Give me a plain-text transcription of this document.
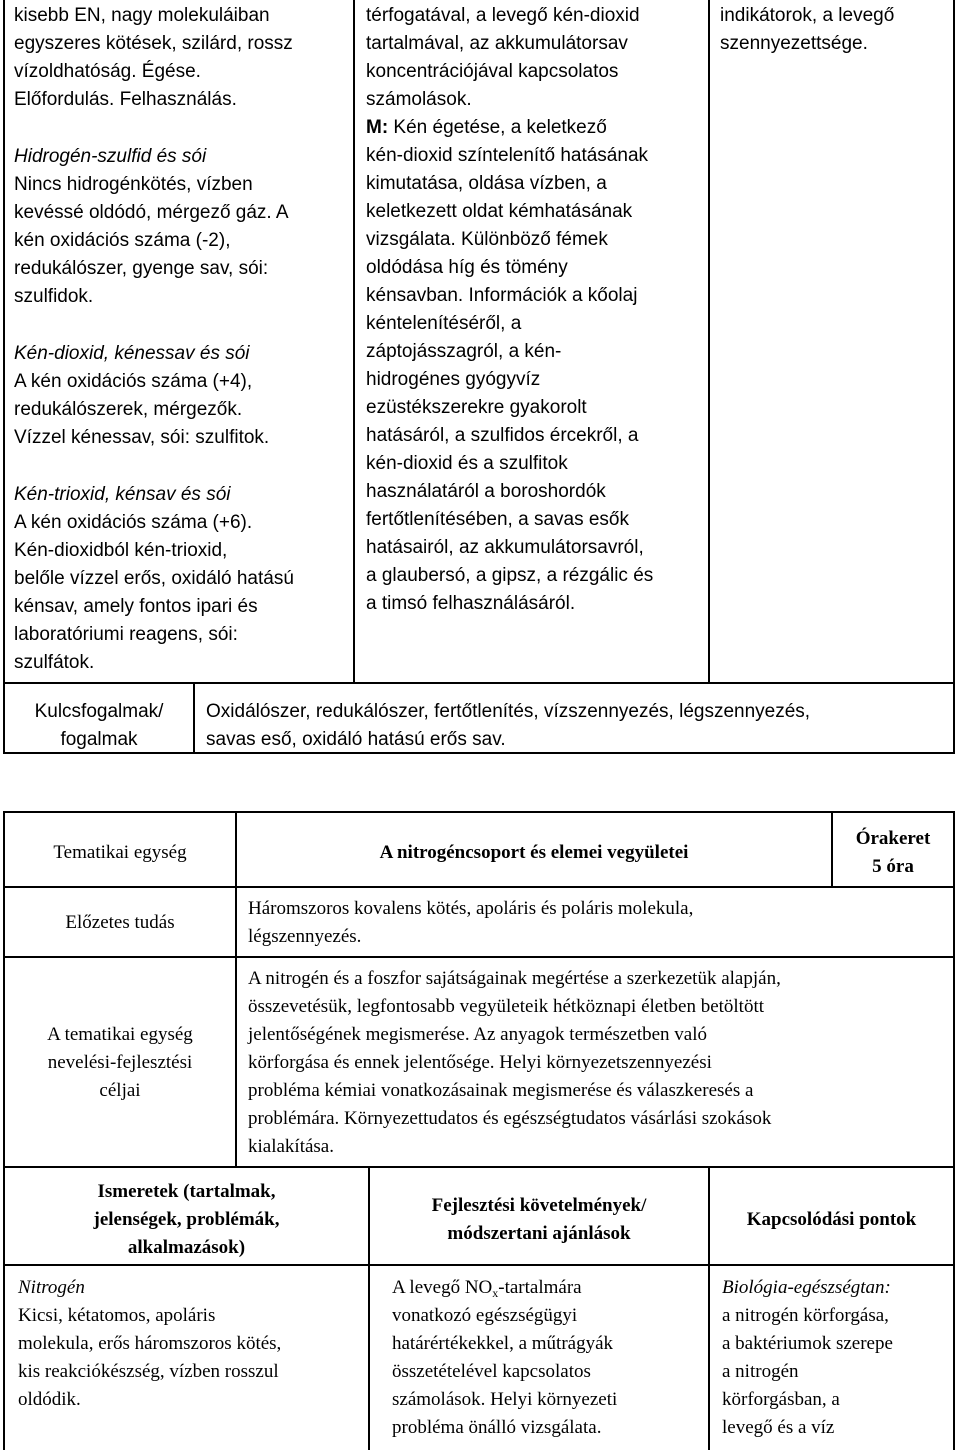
kisebb EN, nagy molekuláiban
egyszeres kötések, szilárd, rossz
vízoldhatóság. Égése.
Előfordulás. Felhasználás.

Hidrogén-szulfid és sói

Nincs hidrogénkötés, vízben
kevéssé oldódó, mérgező gáz. A
kén oxidációs száma (-2),
redukálószer, gyenge sav, sói:
szulfidok.

Kén-dioxid, kénessav és sói

A kén oxidációs száma (+4),
redukálószerek, mérgezők.
Vízzel kénessav, sói: szulfitok.

Kén-trioxid, kénsav és sói

A kén oxidációs száma (+6).
Kén-dioxidból kén-trioxid,
belőle vízzel erős, oxidáló hatású
kénsav, amely fontos ipari és
laboratóriumi reagens, sói:
szulfátok.

térfogatával, a levegő kén-dioxid
tartalmával, az akkumulátorsav
koncentrációjával kapcsolatos
számolások.

M: Kén égetése, a keletkező
kén-dioxid színtelenítő hatásának
kimutatása, oldása vízben, a
keletkezett oldat kémhatásának
vizsgálata. Különböző fémek
oldódása híg és tömény
kénsavban. Információk a kőolaj
kéntelenítéséről, a
záptojásszagról, a kén-
hidrogénes gyógyvíz
ezüstékszerekre gyakorolt
hatásáról, a szulfidos ércekről, a
kén-dioxid és a szulfitok
használatáról a boroshordók
fertőtlenítésében, a savas esők
hatásairól, az akkumulátorsavról,
a glaubersó, a gipsz, a rézgálic és
a timsó felhasználásáról.

indikátorok, a levegő
szennyezettsége.

Kulcsfogalmak/
fogalmak

Oxidálószer, redukálószer, fertőtlenítés, vízszennyezés, légszennyezés,
savas eső, oxidáló hatású erős sav.

Tematikai egység	A nitrogéncsoport és elemei vegyületei

Órakeret

5 óra

Előzetes tudás

Háromszoros kovalens kötés, apoláris és poláris molekula,
légszennyezés.

A tematikai egység
nevelési-fejlesztési
céljai

A nitrogén és a foszfor sajátságainak megértése a szerkezetük alapján,
összevetésük, legfontosabb vegyületeik hétköznapi életben betöltött
jelentőségének megismerése. Az anyagok természetben való
körforgása és ennek jelentősége. Helyi környezetszennyezési
probléma kémiai vonatkozásainak megismerése és válaszkeresés a
problémára. Környezettudatos és egészségtudatos vásárlási szokások
kialakítása.

Ismeretek (tartalmak,
jelenségek, problémák,
alkalmazások)

Fejlesztési követelmények/
módszertani ajánlások

Kapcsolódási pontok

Nitrogén

Kicsi, kétatomos, apoláris
molekula, erős háromszoros kötés,
kis reakciókészség, vízben rosszul
oldódik.

A levegő $NO_x$-tartalmára

vonatkozó egészségügyi
határértékekkel, a műtrágyák
összetételével kapcsolatos
számolások. Helyi környezeti
probléma önálló vizsgálata.

Biológia-egészségtan:

a nitrogén körforgása,
a baktériumok szerepe
a nitrogén
körforgásban, a
levegő és a víz
